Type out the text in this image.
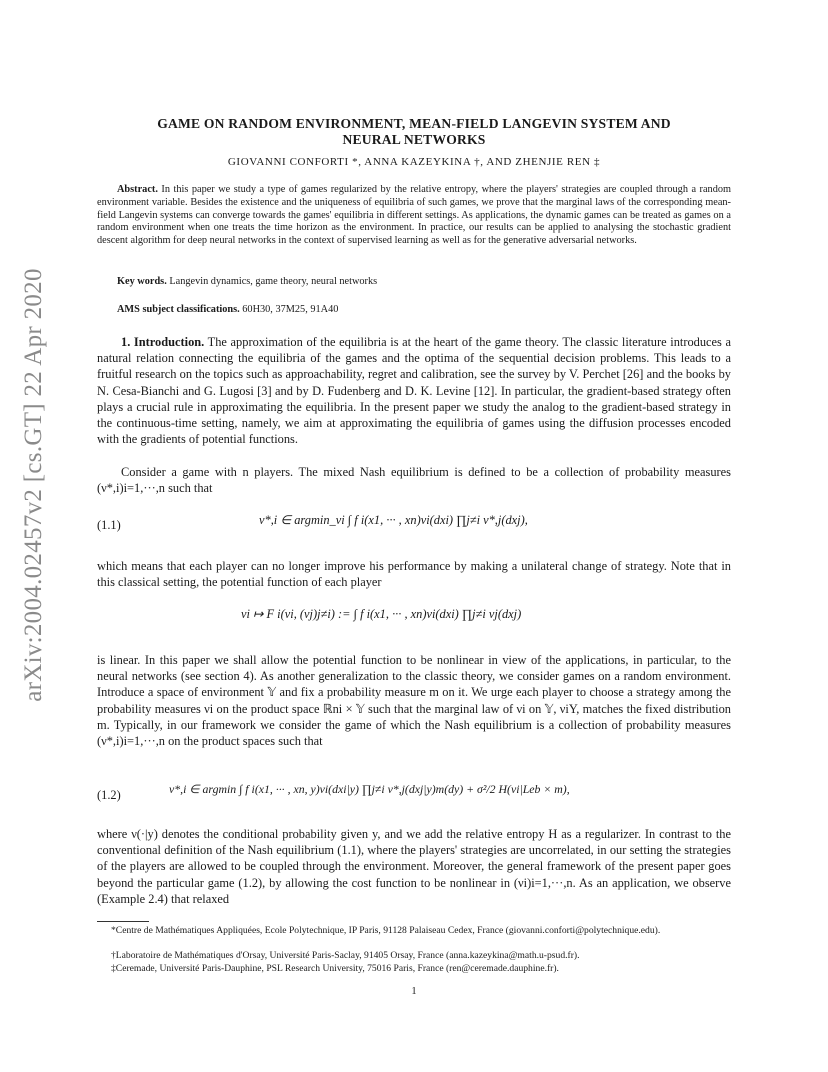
arXiv:2004.02457v2 [cs.GT] 22 Apr 2020
GAME ON RANDOM ENVIRONMENT, MEAN-FIELD LANGEVIN SYSTEM AND
NEURAL NETWORKS
GIOVANNI CONFORTI *, ANNA KAZEYKINA †, AND ZHENJIE REN ‡
Abstract. In this paper we study a type of games regularized by the relative entropy, where the players' strategies are coupled through a random environment variable. Besides the existence and the uniqueness of equilibria of such games, we prove that the marginal laws of the corresponding mean-field Langevin systems can converge towards the games' equilibria in different settings. As applications, the dynamic games can be treated as games on a random environment when one treats the time horizon as the environment. In practice, our results can be applied to analysing the stochastic gradient descent algorithm for deep neural networks in the context of supervised learning as well as for the generative adversarial networks.
Key words. Langevin dynamics, game theory, neural networks
AMS subject classifications. 60H30, 37M25, 91A40
1. Introduction. The approximation of the equilibria is at the heart of the game theory. The classic literature introduces a natural relation connecting the equilibria of the games and the optima of the sequential decision problems. This leads to a fruitful research on the topics such as approachability, regret and calibration, see the survey by V. Perchet [26] and the books by N. Cesa-Bianchi and G. Lugosi [3] and by D. Fudenberg and D. K. Levine [12]. In particular, the gradient-based strategy often plays a crucial rule in approximating the equilibria. In the present paper we study the analog to the gradient-based strategy in the continuous-time setting, namely, we aim at approximating the equilibria of games using the diffusion processes encoded with the gradients of potential functions.
Consider a game with n players. The mixed Nash equilibrium is defined to be a collection of probability measures (ν*,i)i=1,···,n such that
(1.1)	ν*,i ∈ argmin_νi ∫ f i(x1, ··· , xn)νi(dxi) ∏j≠i ν*,j(dxj),
which means that each player can no longer improve his performance by making a unilateral change of strategy. Note that in this classical setting, the potential function of each player
νi ↦ F i(νi, (νj)j≠i) := ∫ f i(x1, ··· , xn)νi(dxi) ∏j≠i νj(dxj)
is linear. In this paper we shall allow the potential function to be nonlinear in view of the applications, in particular, to the neural networks (see section 4). As another generalization to the classic theory, we consider games on a random environment. Introduce a space of environment 𝕐 and fix a probability measure m on it. We urge each player to choose a strategy among the probability measures νi on the product space ℝni × 𝕐 such that the marginal law of νi on 𝕐, νiY, matches the fixed distribution m. Typically, in our framework we consider the game of which the Nash equilibrium is a collection of probability measures (ν*,i)i=1,···,n on the product spaces such that
(1.2)	ν*,i ∈ argmin ∫ f i(x1, ··· , xn, y)νi(dxi|y) ∏j≠i ν*,j(dxj|y)m(dy) + σ²/2 H(νi|Leb × m),
where ν(·|y) denotes the conditional probability given y, and we add the relative entropy H as a regularizer. In contrast to the conventional definition of the Nash equilibrium (1.1), where the players' strategies are uncorrelated, in our setting the strategies of the players are allowed to be coupled through the environment. Moreover, the general framework of the present paper goes beyond the particular game (1.2), by allowing the cost function to be nonlinear in (νi)i=1,···,n. As an application, we observe (Example 2.4) that relaxed
*Centre de Mathématiques Appliquées, Ecole Polytechnique, IP Paris, 91128 Palaiseau Cedex, France (giovanni.conforti@polytechnique.edu).
†Laboratoire de Mathématiques d'Orsay, Université Paris-Saclay, 91405 Orsay, France (anna.kazeykina@math.u-psud.fr).
‡Ceremade, Université Paris-Dauphine, PSL Research University, 75016 Paris, France (ren@ceremade.dauphine.fr).
1
